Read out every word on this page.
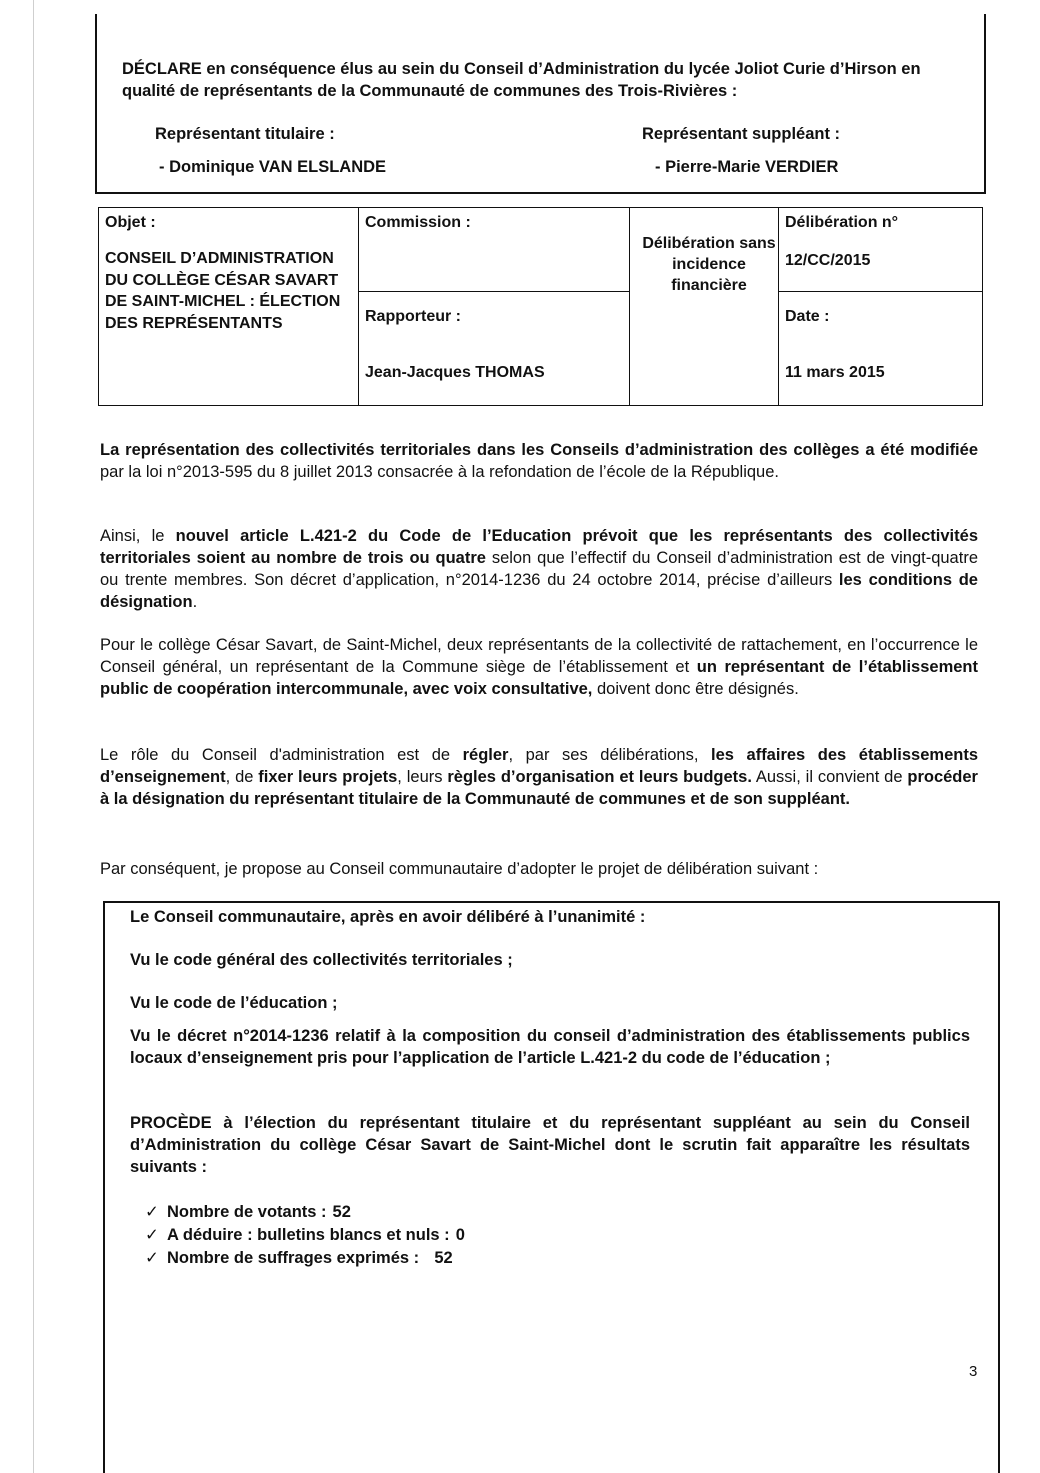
DÉCLARE en conséquence élus au sein du Conseil d’Administration du lycée Joliot Curie d’Hirson en qualité de représentants de la Communauté de communes des Trois-Rivières :
Représentant titulaire :	Représentant suppléant :
- Dominique VAN ELSLANDE	- Pierre-Marie VERDIER
Objet :
CONSEIL D’ADMINISTRATION DU COLLÈGE CÉSAR SAVART DE SAINT-MICHEL : ÉLECTION DES REPRÉSENTANTS
Commission :
Rapporteur :
Jean-Jacques THOMAS
Délibération sans incidence financière
Délibération n°
12/CC/2015
Date :
11 mars 2015
La représentation des collectivités territoriales dans les Conseils d’administration des collèges a été modifiée par la loi n°2013-595 du 8 juillet 2013 consacrée à la refondation de l’école de la République.
Ainsi, le nouvel article L.421-2 du Code de l’Education prévoit que les représentants des collectivités territoriales soient au nombre de trois ou quatre selon que l’effectif du Conseil d’administration est de vingt-quatre ou trente membres. Son décret d’application, n°2014-1236 du 24 octobre 2014, précise d’ailleurs les conditions de désignation.
Pour le collège César Savart, de Saint-Michel, deux représentants de la collectivité de rattachement, en l’occurrence le Conseil général, un représentant de la Commune siège de l’établissement et un représentant de l’établissement public de coopération intercommunale, avec voix consultative, doivent donc être désignés.
Le rôle du Conseil d'administration est de régler, par ses délibérations, les affaires des établissements d’enseignement, de fixer leurs projets, leurs règles d’organisation et leurs budgets. Aussi, il convient de procéder à la désignation du représentant titulaire de la Communauté de communes et de son suppléant.
Par conséquent, je propose au Conseil communautaire d’adopter le projet de délibération suivant :
Le Conseil communautaire, après en avoir délibéré à l’unanimité :
Vu le code général des collectivités territoriales ;
Vu le code de l’éducation ;
Vu le décret n°2014-1236 relatif à la composition du conseil d’administration des établissements publics locaux d’enseignement pris pour l’application de l’article L.421-2 du code de l’éducation ;
PROCÈDE à l’élection du représentant titulaire et du représentant suppléant au sein du Conseil d’Administration du collège César Savart de Saint-Michel dont le scrutin fait apparaître les résultats suivants :
✓ Nombre de votants : 52
✓ A déduire : bulletins blancs et nuls : 0
✓ Nombre de suffrages exprimés : 52
3
